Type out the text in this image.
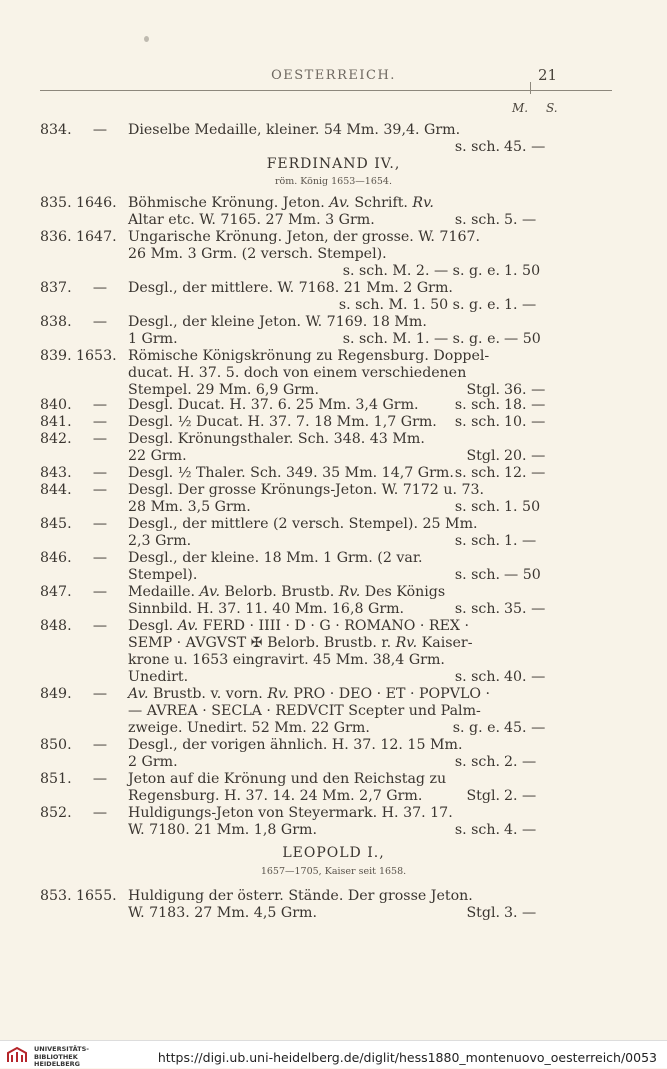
OESTERREICH.	21
M. S.
FERDINAND IV.,
röm. König 1653—1654.
LEOPOLD I.,
1657—1705, Kaiser seit 1658.
834.	—	Dieselbe Medaille, kleiner. 54 Mm. 39,4. Grm.
s. sch. 45. —
835. 1646. Böhmische Krönung. Jeton. Av. Schrift. Rv.
Altar etc. W. 7165. 27 Mm. 3 Grm.	s. sch. 5. —
836. 1647. Ungarische Krönung. Jeton, der grosse. W. 7167.
26 Mm. 3 Grm. (2 versch. Stempel).
s. sch. M. 2. — s. g. e. 1. 50
837.	—	Desgl., der mittlere. W. 7168. 21 Mm. 2 Grm.
s. sch. M. 1. 50 s. g. e. 1. —
838.	—	Desgl., der kleine Jeton. W. 7169. 18 Mm.
1 Grm.	s. sch. M. 1. — s. g. e. — 50
839. 1653. Römische Königskrönung zu Regensburg. Doppel-
ducat. H. 37. 5. doch von einem verschiedenen
Stempel. 29 Mm. 6,9 Grm.	Stgl. 36. —
840.	—	Desgl. Ducat. H. 37. 6. 25 Mm. 3,4 Grm.	s. sch. 18. —
841.	—	Desgl. ½ Ducat. H. 37. 7. 18 Mm. 1,7 Grm. s. sch. 10. —
842.	—	Desgl. Krönungsthaler. Sch. 348. 43 Mm.
22 Grm.	Stgl. 20. —
843.	—	Desgl. ½ Thaler. Sch. 349. 35 Mm. 14,7 Grm. s. sch. 12. —
844.	—	Desgl. Der grosse Krönungs-Jeton. W. 7172 u. 73.
28 Mm. 3,5 Grm.	s. sch. 1. 50
845.	—	Desgl., der mittlere (2 versch. Stempel). 25 Mm.
2,3 Grm.	s. sch. 1. —
846.	—	Desgl., der kleine. 18 Mm. 1 Grm. (2 var.
Stempel).	s. sch. — 50
847.	—	Medaille. Av. Belorb. Brustb. Rv. Des Königs
Sinnbild. H. 37. 11. 40 Mm. 16,8 Grm.	s. sch. 35. —
848.	—	Desgl. Av. FERD · IIII · D · G · ROMANO · REX ·
SEMP · AVGVST ✠ Belorb. Brustb. r. Rv. Kaiser-
krone u. 1653 eingravirt. 45 Mm. 38,4 Grm.
Unedirt.	s. sch. 40. —
849.	—	Av. Brustb. v. vorn. Rv. PRO · DEO · ET · POPVLO ·
— AVREA · SECLA · REDVCIT Scepter und Palm-
zweige. Unedirt. 52 Mm. 22 Grm.	s. g. e. 45. —
850.	—	Desgl., der vorigen ähnlich. H. 37. 12. 15 Mm.
2 Grm.	s. sch. 2. —
851.	—	Jeton auf die Krönung und den Reichstag zu
Regensburg. H. 37. 14. 24 Mm. 2,7 Grm.	Stgl. 2. —
852.	—	Huldigungs-Jeton von Steyermark. H. 37. 17.
W. 7180. 21 Mm. 1,8 Grm.	s. sch. 4. —
853. 1655. Huldigung der österr. Stände. Der grosse Jeton.
W. 7183. 27 Mm. 4,5 Grm.	Stgl. 3. —
UNIVERSITÄTS-
BIBLIOTHEK
HEIDELBERG	https://digi.ub.uni-heidelberg.de/diglit/hess1880_montenuovo_oesterreich/0053
